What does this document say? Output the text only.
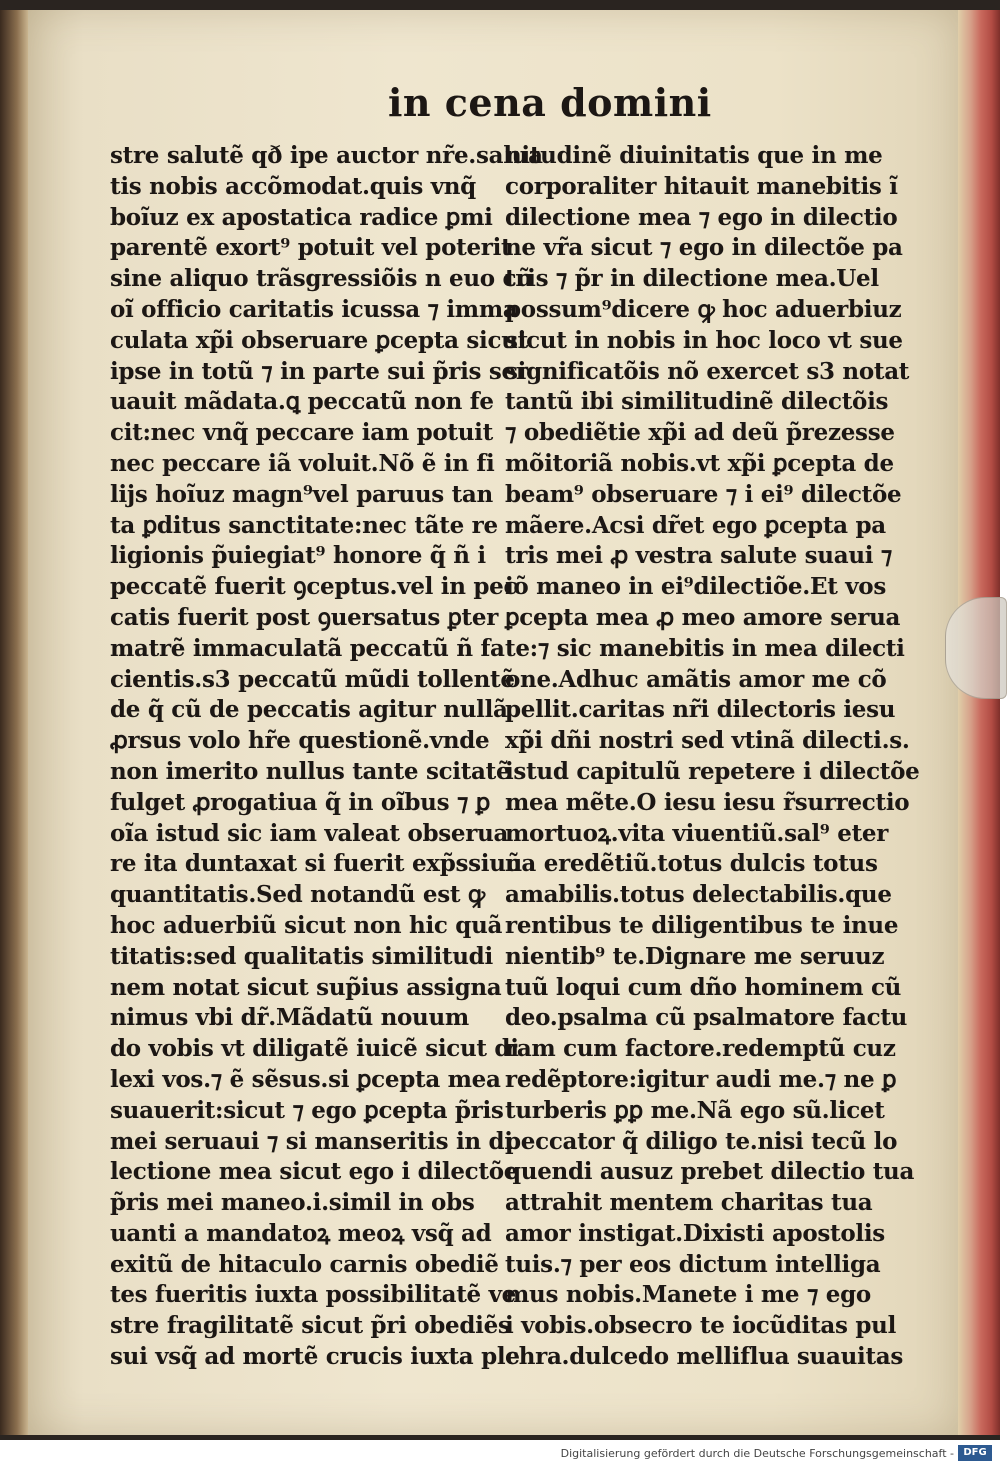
in cena domini
stre salutẽ qð ipe auctor nr̃e.salua
tis nobis accõmodat.quis vnq̃
boĩuz ex apostatica radice ꝑmi
parentẽ exort⁹ potuit vel poterit
sine aliquo trãsgressiõis n euo cũ
oĩ officio caritatis icussa ⁊ imma
culata xp̃i obseruare ꝑcepta sicut
ipse in totũ ⁊ in parte sui p̃ris ser
uauit mãdata.ꝗ peccatũ non fe
cit:nec vnq̃ peccare iam potuit
nec peccare iã voluit.Nõ ẽ in fi
lijs hoĩuz magn⁹vel paruus tan
ta ꝑditus sanctitate:nec tãte re
ligionis p̃uiegiat⁹ honore q̃ ñ i
peccatẽ fuerit ꝯceptus.vel in pec
catis fuerit post ꝯuersatus ꝑter
matrẽ immaculatã peccatũ ñ fa
cientis.s3 peccatũ mũdi tollentẽ
de q̃ cũ de peccatis agitur nullã
ꝓrsus volo hr̃e questionẽ.vnde
non imerito nullus tante scitatẽ
fulget ꝓrogatiua q̃ in oĩbus ⁊ ꝑ
oĩa istud sic iam valeat obserua
re ita duntaxat si fuerit exp̃ssiuũ
quantitatis.Sed notandũ est ꝙ
hoc aduerbiũ sicut non hic quã
titatis:sed qualitatis similitudi
nem notat sicut sup̃ius assigna
nimus vbi dr̃.Mãdatũ nouum
do vobis vt diligatẽ iuicẽ sicut di
lexi vos.⁊ ẽ sẽsus.si ꝑcepta mea
suauerit:sicut ⁊ ego ꝑcepta p̃ris
mei seruaui ⁊ si manseritis in di
lectione mea sicut ego i dilectõe
p̃ris mei maneo.i.simil in obs
uanti a mandatoꝝ meoꝝ vsq̃ ad
exitũ de hitaculo carnis obediẽ
tes fueritis iuxta possibilitatẽ ve
stre fragilitatẽ sicut p̃ri obediẽs
sui vsq̃ ad mortẽ crucis iuxta ple
nitudinẽ diuinitatis que in me
corporaliter hitauit manebitis ĩ
dilectione mea ⁊ ego in dilectio
ne vr̃a sicut ⁊ ego in dilectõe pa
tris ⁊ p̃r in dilectione mea.Uel
possum⁹dicere ꝙ hoc aduerbiuz
sicut in nobis in hoc loco vt sue
significatõis nõ exercet s3 notat
tantũ ibi similitudinẽ dilectõis
⁊ obediẽtie xp̃i ad deũ p̃rezesse
mõitoriã nobis.vt xp̃i ꝑcepta de
beam⁹ obseruare ⁊ i ei⁹ dilectõe
mãere.Acsi dr̃et ego ꝑcepta pa
tris mei ꝓ vestra salute suaui ⁊
iõ maneo in ei⁹dilectiõe.Et vos
ꝑcepta mea ꝓ meo amore serua
te:⁊ sic manebitis in mea dilecti
one.Adhuc amãtis amor me cõ
pellit.caritas nr̃i dilectoris iesu
xp̃i dñi nostri sed vtinã dilecti.s.
istud capitulũ repetere i dilectõe
mea mẽte.O iesu iesu r̃surrectio
mortuoꝝ.vita viuentiũ.sal⁹ eter
na eredẽtiũ.totus dulcis totus
amabilis.totus delectabilis.que
rentibus te diligentibus te inue
nientib⁹ te.Dignare me seruuz
tuũ loqui cum dño hominem cũ
deo.psalma cũ psalmatore factu
ram cum factore.redemptũ cuz
redẽptore:igitur audi me.⁊ ne ꝑ
turberis ꝑꝑ me.Nã ego sũ.licet
peccator q̃ diligo te.nisi tecũ lo
quendi ausuz prebet dilectio tua
attrahit mentem charitas tua
amor instigat.Dixisti apostolis
tuis.⁊ per eos dictum intelliga
mus nobis.Manete i me ⁊ ego
i vobis.obsecro te iocũditas pul
chra.dulcedo melliflua suauitas
Digitalisierung gefördert durch die Deutsche Forschungsgemeinschaft - DFG
